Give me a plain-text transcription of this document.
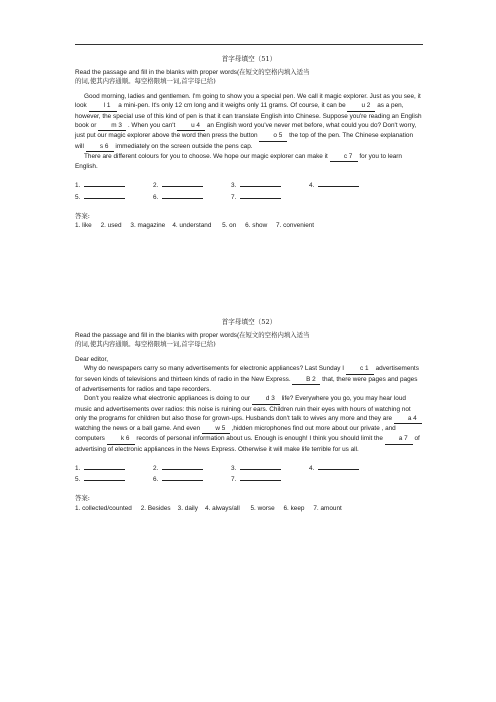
首字母填空（51）

Read the passage and fill in the blanks with proper words(在短文的空格内填入适当

的词,使其内容通顺。每空格限填一词,首字母已给)

Good morning, ladies and gentlemen. I'm going to show you a special pen. We call it magic explorer. Just as you see, it look l 1 a mini-pen. It's only 12 cm long and it weighs only 11 grams. Of course, it can be u 2 as a pen, however, the special use of this kind of pen is that it can translate English into Chinese. Suppose you're reading an English book or m 3 . When you can't u 4 an English word you've never met before, what could you do? Don't worry, just put our magic explorer above the word then press the button o 5 the top of the pen. The Chinese explanation will s 6 immediately on the screen outside the pens cap.

There are different colours for you to choose. We hope our magic explorer can make it c 7 for you to learn English.

1.	2.	3.	4.
5.	6.	7.

答案:

1. like     2. used     3. magazine    4. understand      5. on     6. show     7. convenient

首字母填空（52）

Read the passage and fill in the blanks with proper words(在短文的空格内填入适当

的词,使其内容通顺。每空格限填一词,首字母已给)

Dear editor,

Why do newspapers carry so many advertisements for electronic appliances? Last Sunday I c 1 advertisements for seven kinds of televisions and thirteen kinds of radio in the New Express. B 2 that, there were pages and pages of advertisements for radios and tape recorders.

Don't you realize what electronic appliances is doing to our d 3 life? Everywhere you go, you may hear loud music and advertisements over radios: this noise is ruining our ears. Children ruin their eyes with hours of watching not only the programs for children but also those for grown-ups. Husbands don't talk to wives any more and they are a 4 watching the news or a ball game. And even w 5 ,hidden microphones find out more about our private , and computers k 6 records of personal information about us. Enough is enough! I think you should limit the a 7 of advertising of electronic appliances in the News Express. Otherwise it will make life terrible for us all.

1.	2.	3.	4.
5.	6.	7.

答案:

1. collected/counted     2. Besides    3. daily    4. always/all      5. worse     6. keep     7. amount
